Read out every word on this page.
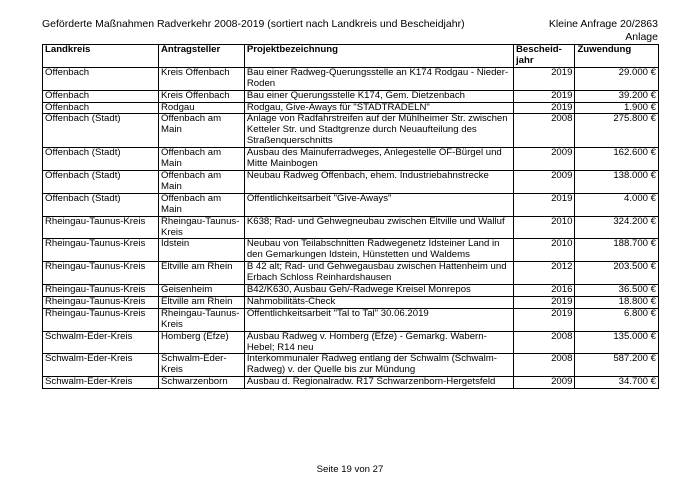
Geförderte Maßnahmen Radverkehr 2008-2019 (sortiert nach Landkreis und Bescheidjahr)	Kleine Anfrage 20/2863
Anlage
Landkreis	Antragsteller	Projektbezeichnung	Bescheid-jahr	Zuwendung
Offenbach	Kreis Offenbach	Bau einer Radweg-Querungsstelle an K174 Rodgau - Nieder-Roden	2019	29.000 €
Offenbach	Kreis Offenbach	Bau einer Querungsstelle K174, Gem. Dietzenbach	2019	39.200 €
Offenbach	Rodgau	Rodgau, Give-Aways für "STADTRADELN"	2019	1.900 €
Offenbach (Stadt)	Offenbach am Main	Anlage von Radfahrstreifen auf der Mühlheimer Str. zwischen Ketteler Str. und Stadtgrenze durch Neuaufteilung des Straßenquerschnitts	2008	275.800 €
Offenbach (Stadt)	Offenbach am Main	Ausbau des Mainuferradweges, Anlegestelle OF-Bürgel und Mitte Mainbogen	2009	162.600 €
Offenbach (Stadt)	Offenbach am Main	Neubau Radweg Offenbach, ehem. Industriebahnstrecke	2009	138.000 €
Offenbach (Stadt)	Offenbach am Main	Öffentlichkeitsarbeit "Give-Aways"	2019	4.000 €
Rheingau-Taunus-Kreis	Rheingau-Taunus-Kreis	K638; Rad- und Gehwegneubau zwischen Eltville und Walluf	2010	324.200 €
Rheingau-Taunus-Kreis	Idstein	Neubau von Teilabschnitten Radwegenetz Idsteiner Land in den Gemarkungen Idstein, Hünstetten und Waldems	2010	188.700 €
Rheingau-Taunus-Kreis	Eltville am Rhein	B 42 alt; Rad- und Gehwegausbau zwischen Hattenheim und Erbach Schloss Reinhardshausen	2012	203.500 €
Rheingau-Taunus-Kreis	Geisenheim	B42/K630, Ausbau Geh/-Radwege Kreisel Monrepos	2016	36.500 €
Rheingau-Taunus-Kreis	Eltville am Rhein	Nahmobilitäts-Check	2019	18.800 €
Rheingau-Taunus-Kreis	Rheingau-Taunus-Kreis	Öffentlichkeitsarbeit "Tal to Tal" 30.06.2019	2019	6.800 €
Schwalm-Eder-Kreis	Homberg (Efze)	Ausbau Radweg v. Homberg (Efze) - Gemarkg. Wabern-Hebel; R14 neu	2008	135.000 €
Schwalm-Eder-Kreis	Schwalm-Eder-Kreis	Interkommunaler Radweg entlang der Schwalm (Schwalm-Radweg) v. der Quelle bis zur Mündung	2008	587.200 €
Schwalm-Eder-Kreis	Schwarzenborn	Ausbau d. Regionalradw. R17 Schwarzenborn-Hergetsfeld	2009	34.700 €
Seite 19 von 27
